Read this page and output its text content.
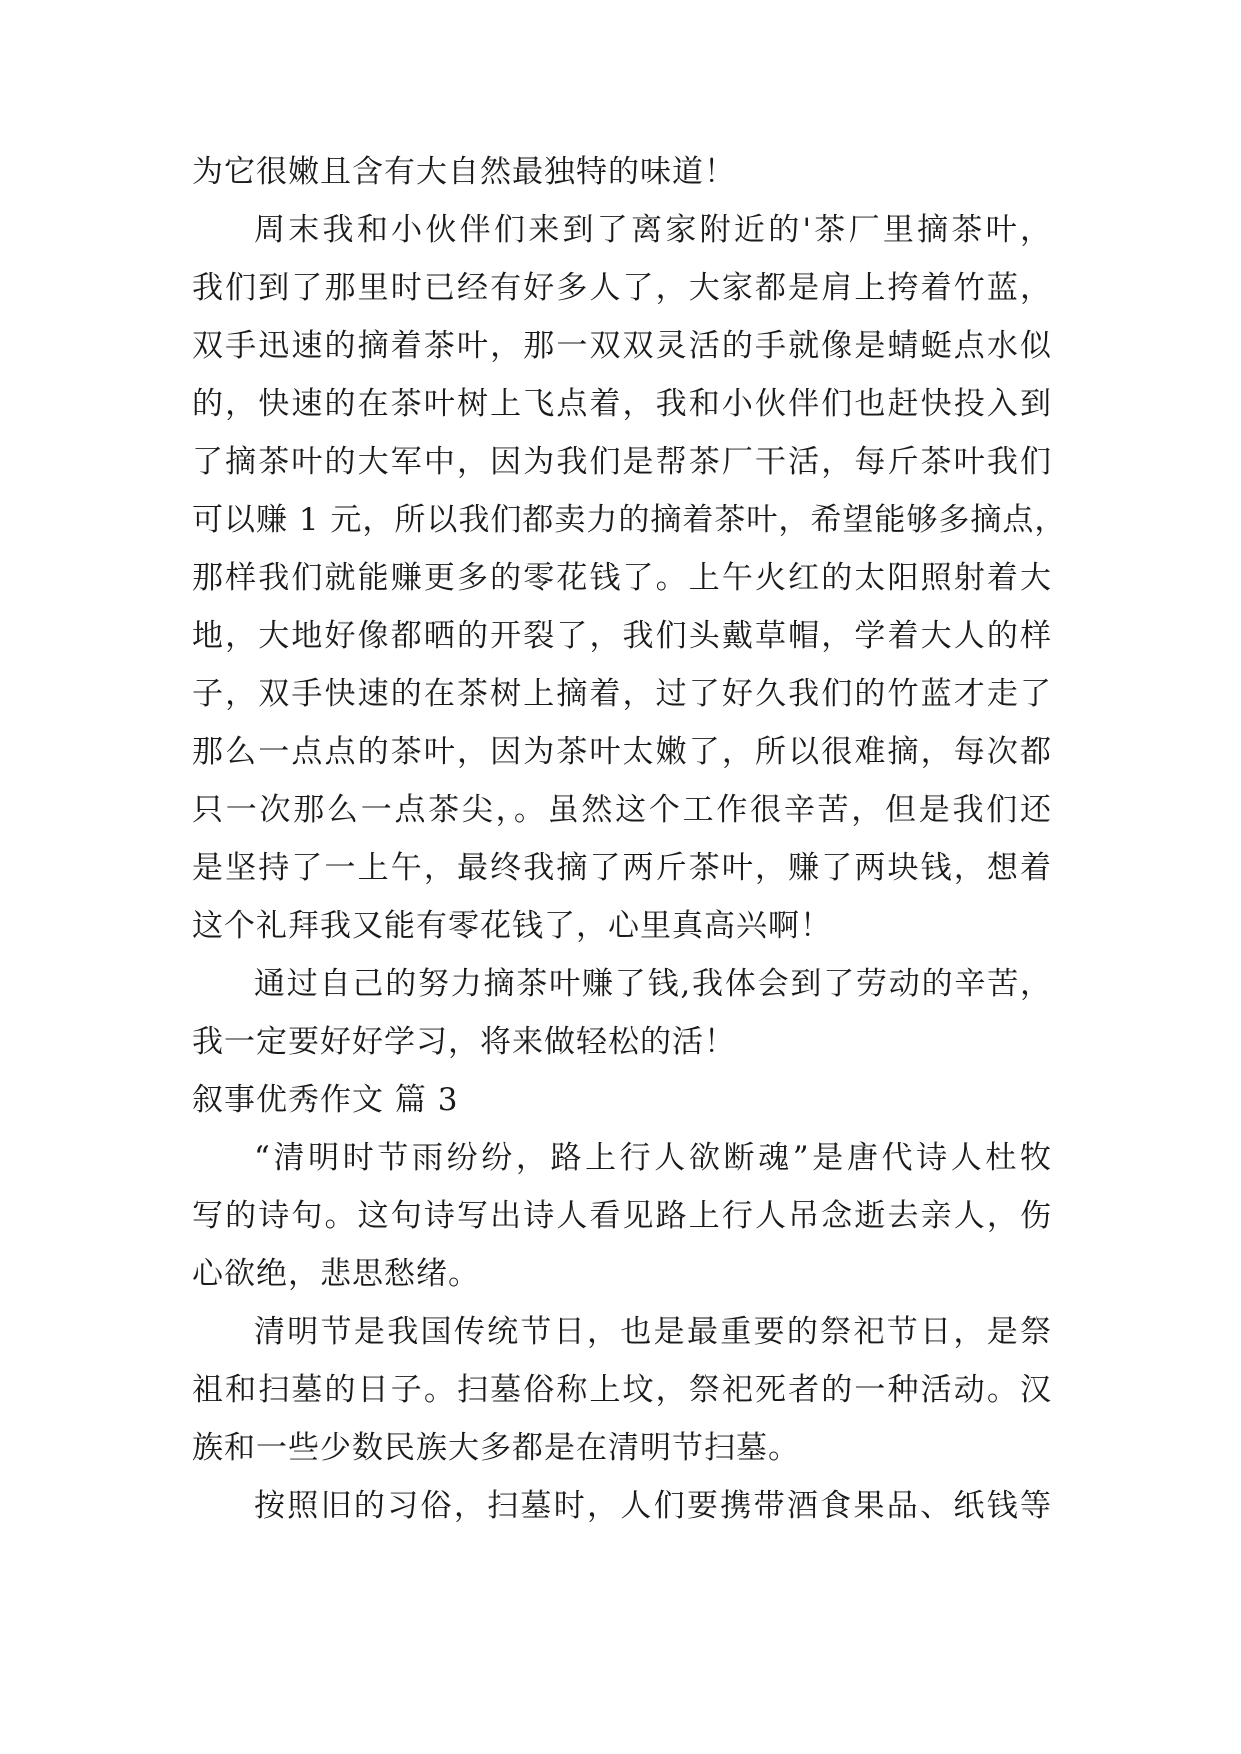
为它很嫩且含有大自然最独特的味道！

周末我和小伙伴们来到了离家附近的'茶厂里摘茶叶，

我们到了那里时已经有好多人了，大家都是肩上挎着竹蓝，

双手迅速的摘着茶叶，那一双双灵活的手就像是蜻蜓点水似

的，快速的在茶叶树上飞点着，我和小伙伴们也赶快投入到

了摘茶叶的大军中，因为我们是帮茶厂干活，每斤茶叶我们

可以赚 1 元，所以我们都卖力的摘着茶叶，希望能够多摘点，

那样我们就能赚更多的零花钱了。上午火红的太阳照射着大

地，大地好像都晒的开裂了，我们头戴草帽，学着大人的样

子，双手快速的在茶树上摘着，过了好久我们的竹蓝才走了

那么一点点的茶叶，因为茶叶太嫩了，所以很难摘，每次都

只一次那么一点茶尖，。虽然这个工作很辛苦，但是我们还

是坚持了一上午，最终我摘了两斤茶叶，赚了两块钱，想着

这个礼拜我又能有零花钱了，心里真高兴啊！

通过自己的努力摘茶叶赚了钱,我体会到了劳动的辛苦，

我一定要好好学习，将来做轻松的活！

叙事优秀作文 篇 3

“清明时节雨纷纷，路上行人欲断魂”是唐代诗人杜牧

写的诗句。这句诗写出诗人看见路上行人吊念逝去亲人，伤

心欲绝，悲思愁绪。

清明节是我国传统节日，也是最重要的祭祀节日，是祭

祖和扫墓的日子。扫墓俗称上坟，祭祀死者的一种活动。汉

族和一些少数民族大多都是在清明节扫墓。

按照旧的习俗，扫墓时，人们要携带酒食果品、纸钱等
